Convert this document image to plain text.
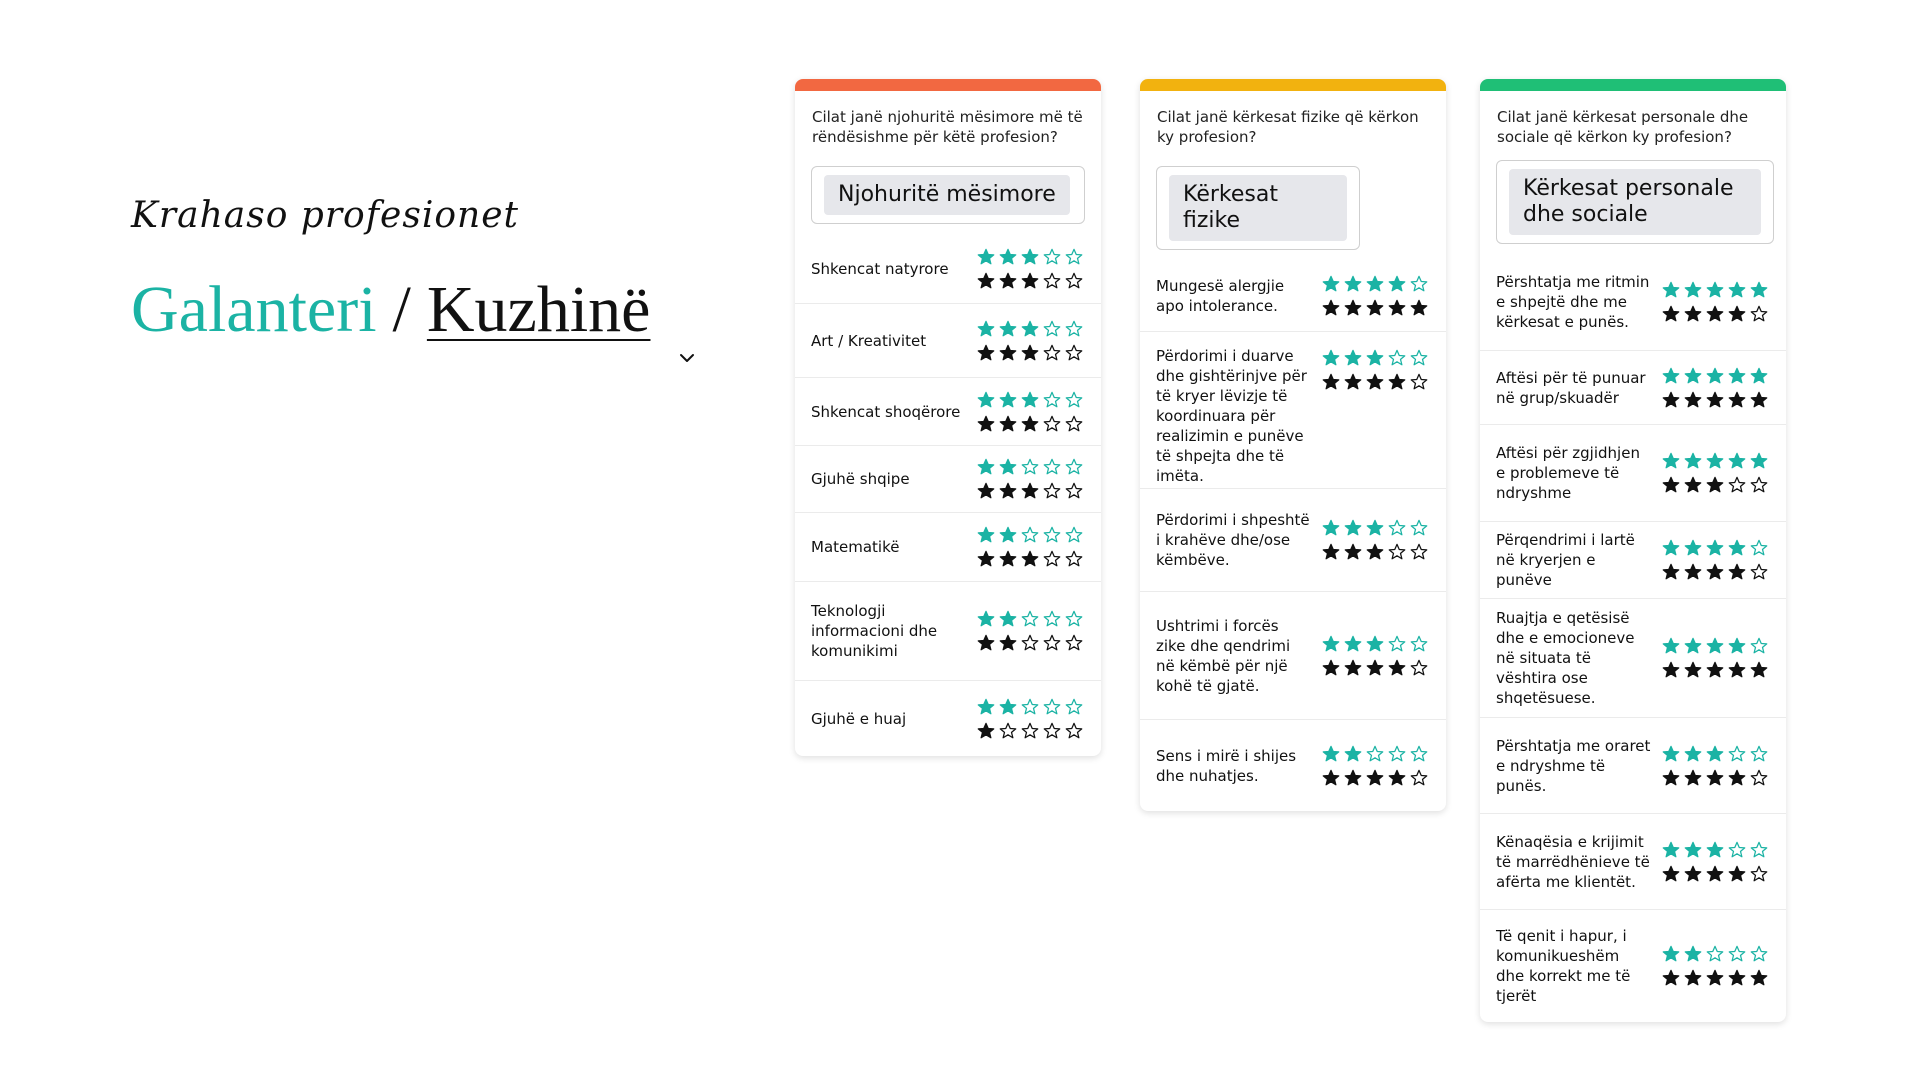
Krahaso profesionet
Galanteri / Kuzhinë
Cilat janë njohuritë mësimore më të rëndësishme për këtë profesion?
Njohuritë mësimore
Shkencat natyrore
Art / Kreativitet
Shkencat shoqërore
Gjuhë shqipe
Matematikë
Teknologji informacioni dhe komunikimi
Gjuhë e huaj
Cilat janë kërkesat fizike që kërkon ky profesion?
Kërkesat fizike
Mungesë alergjie apo intolerance.
Përdorimi i duarve dhe gishtërinjve për të kryer lëvizje të koordinuara për realizimin e punëve të shpejta dhe të imëta.
Përdorimi i shpeshtë i krahëve dhe/ose këmbëve.
Ushtrimi i forcës zike dhe qendrimi në këmbë për një kohë të gjatë.
Sens i mirë i shijes dhe nuhatjes.
Cilat janë kërkesat personale dhe sociale që kërkon ky profesion?
Kërkesat personale dhe sociale
Përshtatja me ritmin e shpejtë dhe me kërkesat e punës.
Aftësi për të punuar në grup/skuadër
Aftësi për zgjidhjen e problemeve të ndryshme
Përqendrimi i lartë në kryerjen e punëve
Ruajtja e qetësisë dhe e emocioneve në situata të vështira ose shqetësuese.
Përshtatja me oraret e ndryshme të punës.
Kënaqësia e krijimit të marrëdhënieve të afërta me klientët.
Të qenit i hapur, i komunikueshëm dhe korrekt me të tjerët
